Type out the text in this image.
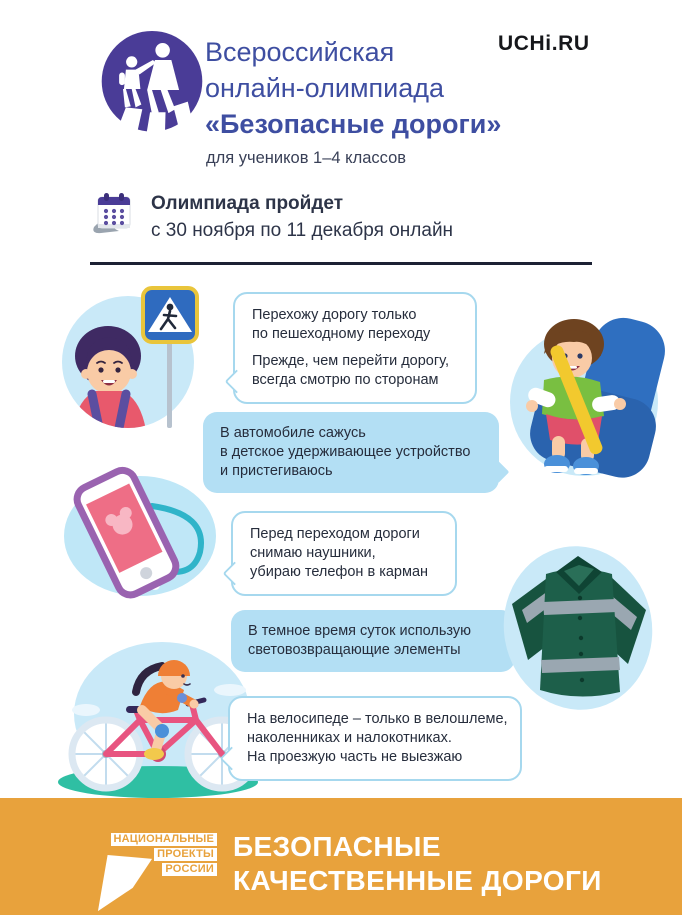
Всероссийская
онлайн-олимпиада
«Безопасные дороги»
UCHi.RU
для учеников 1–4 классов
Олимпиада пройдет
с 30 ноября по 11 декабря онлайн
Перехожу дорогу только
по пешеходному переходу
Прежде, чем перейти дорогу,
всегда смотрю по сторонам
В автомобиле сажусь
в детское удерживающее устройство
и пристегиваюсь
Перед переходом дороги
снимаю наушники,
убираю телефон в карман
В темное время суток использую
световозвращающие элементы
На велосипеде – только в велошлеме,
наколенниках и налокотниках.
На проезжую часть не выезжаю
НАЦИОНАЛЬНЫЕ
ПРОЕКТЫ
РОССИИ
БЕЗОПАСНЫЕ
КАЧЕСТВЕННЫЕ ДОРОГИ
